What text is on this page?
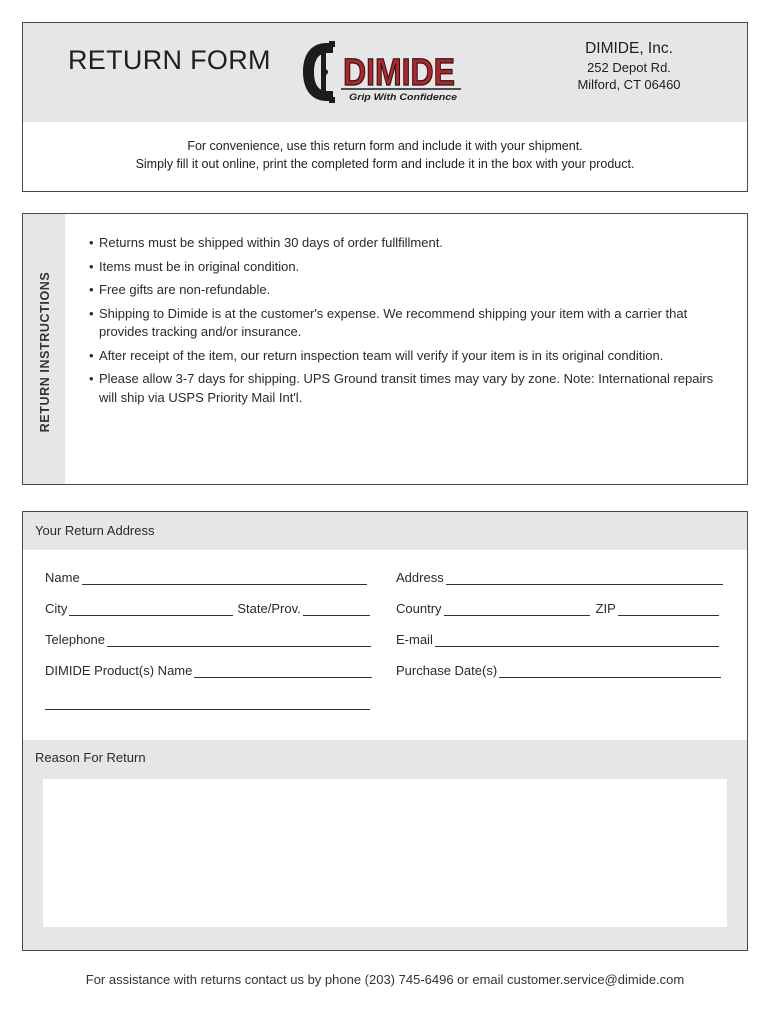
RETURN FORM DIMIDE
Grip With Confidence
DIMIDE, Inc.
252 Depot Rd.
Milford, CT 06460
For convenience, use this return form and include it with your shipment.
Simply fill it out online, print the completed form and include it in the box with your product.
RETURN INSTRUCTIONS
• Returns must be shipped within 30 days of order fullfillment.
• Items must be in original condition.
• Free gifts are non-refundable.
• Shipping to Dimide is at the customer's expense. We recommend shipping your item with a carrier that provides tracking and/or insurance.
• After receipt of the item, our return inspection team will verify if your item is in its original condition.
• Please allow 3-7 days for shipping. UPS Ground transit times may vary by zone. Note: International repairs will ship via USPS Priority Mail Int'l.
Your Return Address
Name	Address
City	State/Prov.	Country	ZIP
Telephone	E-mail
DIMIDE Product(s) Name	Purchase Date(s)
Reason For Return
For assistance with returns contact us by phone (203) 745-6496 or email customer.service@dimide.com
